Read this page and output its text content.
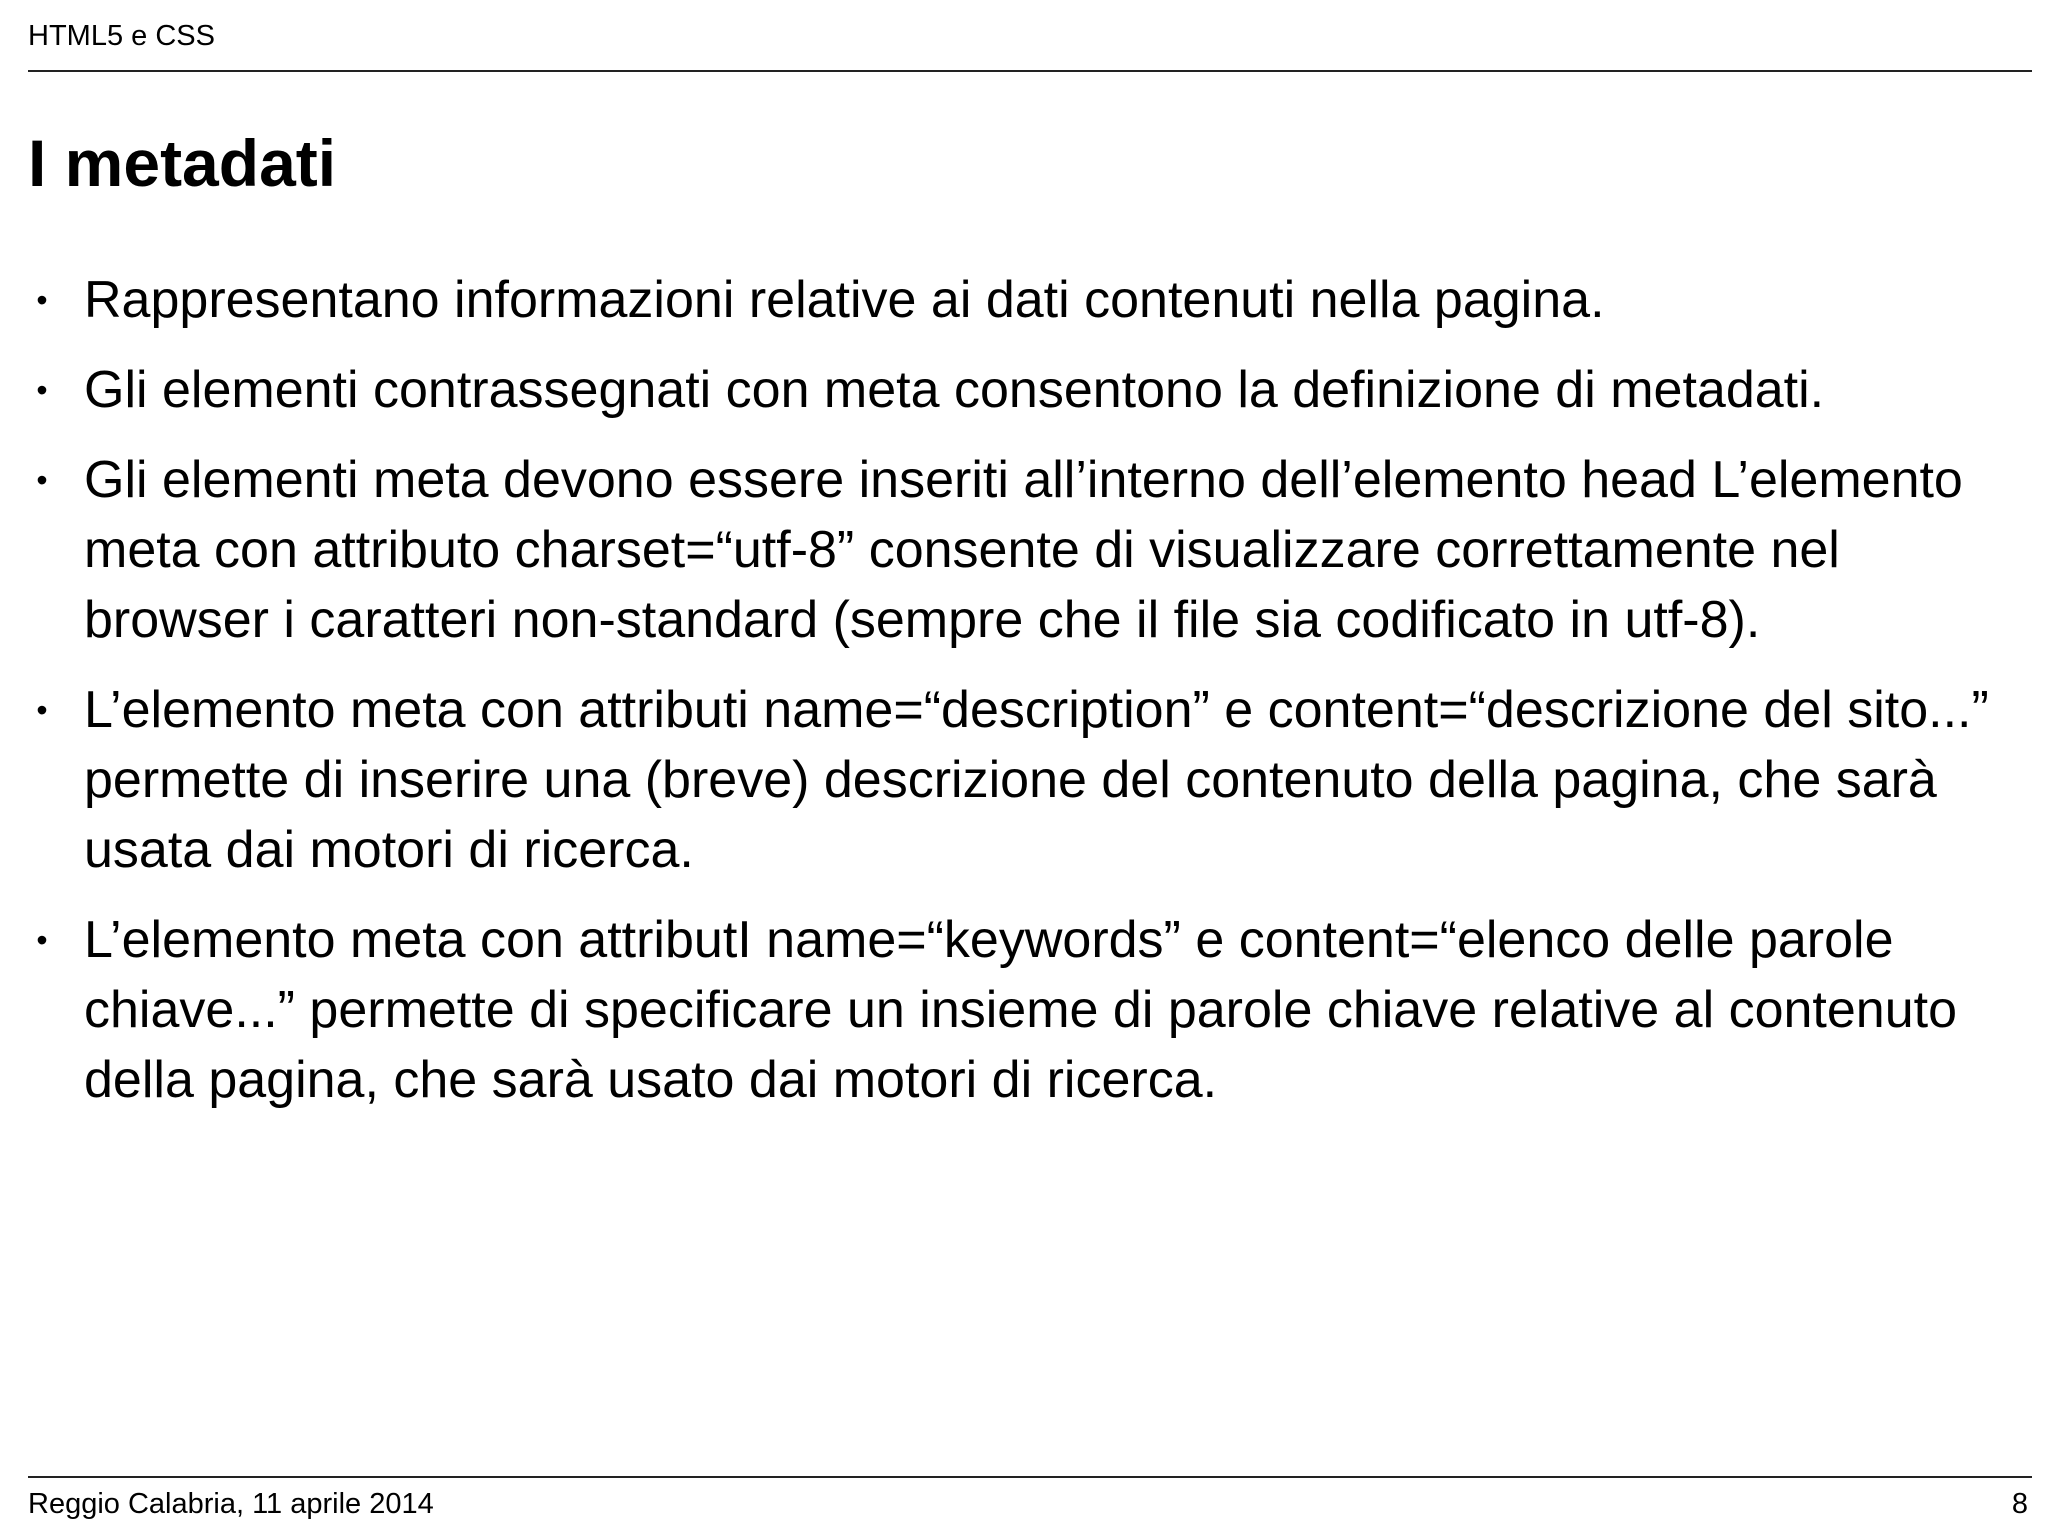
HTML5 e CSS
I metadati
• Rappresentano informazioni relative ai dati contenuti nella pagina.
• Gli elementi contrassegnati con meta consentono la definizione di metadati.
• Gli elementi meta devono essere inseriti all’interno dell’elemento head L’elemento meta con attributo charset=“utf-8” consente di visualizzare correttamente nel browser i caratteri non-standard (sempre che il file sia codificato in utf-8).
• L’elemento meta con attributi name=“description” e content=“descrizione del sito...” permette di inserire una (breve) descrizione del contenuto della pagina, che sarà usata dai motori di ricerca.
• L’elemento meta con attributI name=“keywords” e content=“elenco delle parole chiave...” permette di specificare un insieme di parole chiave relative al contenuto della pagina, che sarà usato dai motori di ricerca.
Reggio Calabria, 11 aprile 2014	8
